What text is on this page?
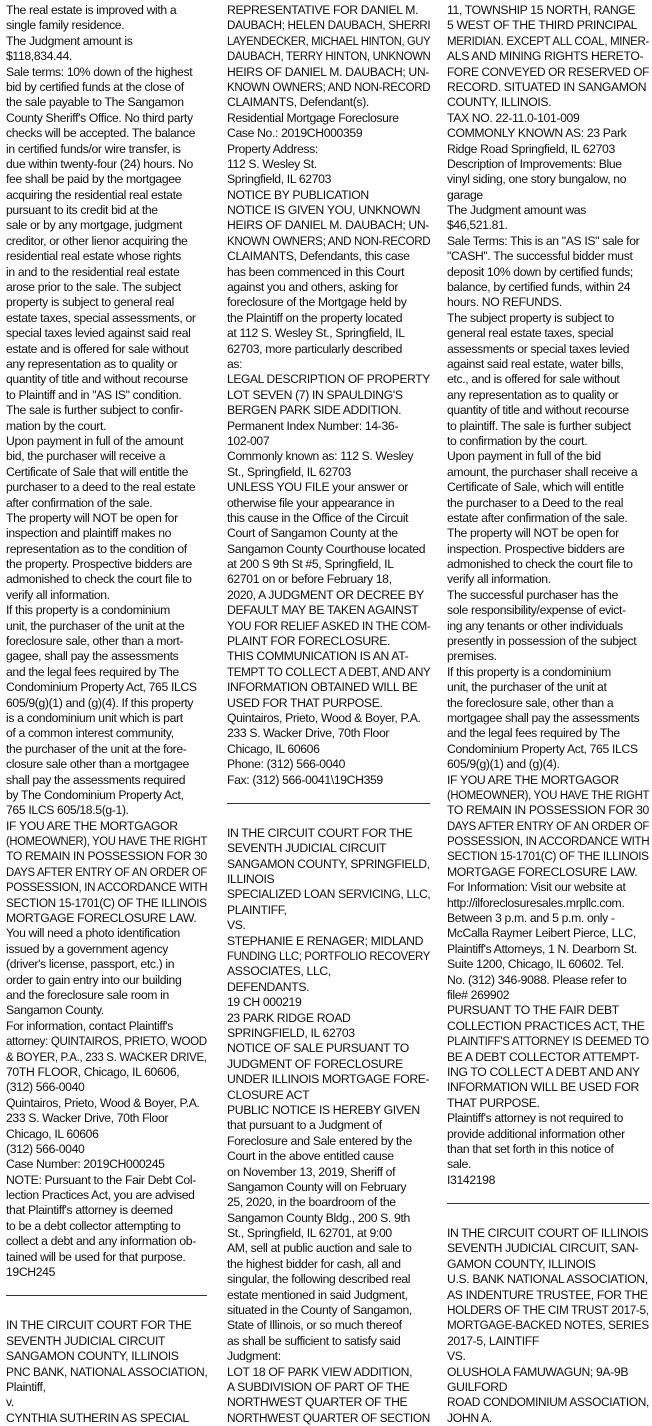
The real estate is improved with a
single family residence.
The Judgment amount is
$118,834.44.
Sale terms: 10% down of the highest
bid by certified funds at the close of
the sale payable to The Sangamon
County Sheriff's Office. No third party
checks will be accepted. The balance
in certified funds/or wire transfer, is
due within twenty-four (24) hours. No
fee shall be paid by the mortgagee
acquiring the residential real estate
pursuant to its credit bid at the
sale or by any mortgage, judgment
creditor, or other lienor acquiring the
residential real estate whose rights
in and to the residential real estate
arose prior to the sale. The subject
property is subject to general real
estate taxes, special assessments, or
special taxes levied against said real
estate and is offered for sale without
any representation as to quality or
quantity of title and without recourse
to Plaintiff and in "AS IS" condition.
The sale is further subject to confir-
mation by the court.
Upon payment in full of the amount
bid, the purchaser will receive a
Certificate of Sale that will entitle the
purchaser to a deed to the real estate
after confirmation of the sale.
The property will NOT be open for
inspection and plaintiff makes no
representation as to the condition of
the property. Prospective bidders are
admonished to check the court file to
verify all information.
If this property is a condominium
unit, the purchaser of the unit at the
foreclosure sale, other than a mort-
gagee, shall pay the assessments
and the legal fees required by The
Condominium Property Act, 765 ILCS
605/9(g)(1) and (g)(4). If this property
is a condominium unit which is part
of a common interest community,
the purchaser of the unit at the fore-
closure sale other than a mortgagee
shall pay the assessments required
by The Condominium Property Act,
765 ILCS 605/18.5(g-1).
IF YOU ARE THE MORTGAGOR
(HOMEOWNER), YOU HAVE THE RIGHT
TO REMAIN IN POSSESSION FOR 30
DAYS AFTER ENTRY OF AN ORDER OF
POSSESSION, IN ACCORDANCE WITH
SECTION 15-1701(C) OF THE ILLINOIS
MORTGAGE FORECLOSURE LAW.
You will need a photo identification
issued by a government agency
(driver's license, passport, etc.) in
order to gain entry into our building
and the foreclosure sale room in
Sangamon County.
For information, contact Plaintiff's
attorney: QUINTAIROS, PRIETO, WOOD
& BOYER, P.A., 233 S. WACKER DRIVE,
70TH FLOOR, Chicago, IL 60606,
(312) 566-0040
Quintairos, Prieto, Wood & Boyer, P.A.
233 S. Wacker Drive, 70th Floor
Chicago, IL 60606
(312) 566-0040
Case Number: 2019CH000245
NOTE: Pursuant to the Fair Debt Col-
lection Practices Act, you are advised
that Plaintiff's attorney is deemed
to be a debt collector attempting to
collect a debt and any information ob-
tained will be used for that purpose.
19CH245
IN THE CIRCUIT COURT FOR THE
SEVENTH JUDICIAL CIRCUIT
SANGAMON COUNTY, ILLINOIS
PNC BANK, NATIONAL ASSOCIATION,
Plaintiff,
v.
CYNTHIA SUTHERIN AS SPECIAL
REPRESENTATIVE FOR DANIEL M.
DAUBACH; HELEN DAUBACH, SHERRI
LAYENDECKER, MICHAEL HINTON, GUY
DAUBACH, TERRY HINTON, UNKNOWN
HEIRS OF DANIEL M. DAUBACH; UN-
KNOWN OWNERS; AND NON-RECORD
CLAIMANTS, Defendant(s).
Residential Mortgage Foreclosure
Case No.: 2019CH000359
Property Address:
112 S. Wesley St.
Springfield, IL 62703
NOTICE BY PUBLICATION
NOTICE IS GIVEN YOU, UNKNOWN
HEIRS OF DANIEL M. DAUBACH; UN-
KNOWN OWNERS; AND NON-RECORD
CLAIMANTS, Defendants, this case
has been commenced in this Court
against you and others, asking for
foreclosure of the Mortgage held by
the Plaintiff on the property located
at 112 S. Wesley St., Springfield, IL
62703, more particularly described
as:
LEGAL DESCRIPTION OF PROPERTY
LOT SEVEN (7) IN SPAULDING'S
BERGEN PARK SIDE ADDITION.
Permanent Index Number: 14-36-
102-007
Commonly known as: 112 S. Wesley
St., Springfield, IL 62703
UNLESS YOU FILE your answer or
otherwise file your appearance in
this cause in the Office of the Circuit
Court of Sangamon County at the
Sangamon County Courthouse located
at 200 S 9th St #5, Springfield, IL
62701 on or before February 18,
2020, A JUDGMENT OR DECREE BY
DEFAULT MAY BE TAKEN AGAINST
YOU FOR RELIEF ASKED IN THE COM-
PLAINT FOR FORECLOSURE.
THIS COMMUNICATION IS AN AT-
TEMPT TO COLLECT A DEBT, AND ANY
INFORMATION OBTAINED WILL BE
USED FOR THAT PURPOSE.
Quintairos, Prieto, Wood & Boyer, P.A.
233 S. Wacker Drive, 70th Floor
Chicago, IL 60606
Phone: (312) 566-0040
Fax: (312) 566-0041\19CH359
IN THE CIRCUIT COURT FOR THE
SEVENTH JUDICIAL CIRCUIT
SANGAMON COUNTY, SPRINGFIELD,
ILLINOIS
SPECIALIZED LOAN SERVICING, LLC,
PLAINTIFF,
VS.
STEPHANIE E RENAGER; MIDLAND
FUNDING LLC; PORTFOLIO RECOVERY
ASSOCIATES, LLC,
DEFENDANTS.
19 CH 000219
23 PARK RIDGE ROAD
SPRINGFIELD, IL 62703
NOTICE OF SALE PURSUANT TO
JUDGMENT OF FORECLOSURE
UNDER ILLINOIS MORTGAGE FORE-
CLOSURE ACT
PUBLIC NOTICE IS HEREBY GIVEN
that pursuant to a Judgment of
Foreclosure and Sale entered by the
Court in the above entitled cause
on November 13, 2019, Sheriff of
Sangamon County will on February
25, 2020, in the boardroom of the
Sangamon County Bldg., 200 S. 9th
St., Springfield, IL 62701, at 9:00
AM, sell at public auction and sale to
the highest bidder for cash, all and
singular, the following described real
estate mentioned in said Judgment,
situated in the County of Sangamon,
State of Illinois, or so much thereof
as shall be sufficient to satisfy said
Judgment:
LOT 18 OF PARK VIEW ADDITION,
A SUBDIVISION OF PART OF THE
NORTHWEST QUARTER OF THE
NORTHWEST QUARTER OF SECTION
11, TOWNSHIP 15 NORTH, RANGE
5 WEST OF THE THIRD PRINCIPAL
MERIDIAN. EXCEPT ALL COAL, MINER-
ALS AND MINING RIGHTS HERETO-
FORE CONVEYED OR RESERVED OF
RECORD. SITUATED IN SANGAMON
COUNTY, ILLINOIS.
TAX NO. 22-11.0-101-009
COMMONLY KNOWN AS: 23 Park
Ridge Road Springfield, IL 62703
Description of Improvements: Blue
vinyl siding, one story bungalow, no
garage
The Judgment amount was
$46,521.81.
Sale Terms: This is an "AS IS" sale for
"CASH". The successful bidder must
deposit 10% down by certified funds;
balance, by certified funds, within 24
hours. NO REFUNDS.
The subject property is subject to
general real estate taxes, special
assessments or special taxes levied
against said real estate, water bills,
etc., and is offered for sale without
any representation as to quality or
quantity of title and without recourse
to plaintiff. The sale is further subject
to confirmation by the court.
Upon payment in full of the bid
amount, the purchaser shall receive a
Certificate of Sale, which will entitle
the purchaser to a Deed to the real
estate after confirmation of the sale.
The property will NOT be open for
inspection. Prospective bidders are
admonished to check the court file to
verify all information.
The successful purchaser has the
sole responsibility/expense of evict-
ing any tenants or other individuals
presently in possession of the subject
premises.
If this property is a condominium
unit, the purchaser of the unit at
the foreclosure sale, other than a
mortgagee shall pay the assessments
and the legal fees required by The
Condominium Property Act, 765 ILCS
605/9(g)(1) and (g)(4).
IF YOU ARE THE MORTGAGOR
(HOMEOWNER), YOU HAVE THE RIGHT
TO REMAIN IN POSSESSION FOR 30
DAYS AFTER ENTRY OF AN ORDER OF
POSSESSION, IN ACCORDANCE WITH
SECTION 15-1701(C) OF THE ILLINOIS
MORTGAGE FORECLOSURE LAW.
For Information: Visit our website at
http://ilforeclosuresales.mrpllc.com.
Between 3 p.m. and 5 p.m. only -
McCalla Raymer Leibert Pierce, LLC,
Plaintiff's Attorneys, 1 N. Dearborn St.
Suite 1200, Chicago, IL 60602. Tel.
No. (312) 346-9088. Please refer to
file# 269902
PURSUANT TO THE FAIR DEBT
COLLECTION PRACTICES ACT, THE
PLAINTIFF'S ATTORNEY IS DEEMED TO
BE A DEBT COLLECTOR ATTEMPT-
ING TO COLLECT A DEBT AND ANY
INFORMATION WILL BE USED FOR
THAT PURPOSE.
Plaintiff's attorney is not required to
provide additional information other
than that set forth in this notice of
sale.
I3142198
IN THE CIRCUIT COURT OF ILLINOIS
SEVENTH JUDICIAL CIRCUIT, SAN-
GAMON COUNTY, ILLINOIS
U.S. BANK NATIONAL ASSOCIATION,
AS INDENTURE TRUSTEE, FOR THE
HOLDERS OF THE CIM TRUST 2017-5,
MORTGAGE-BACKED NOTES, SERIES
2017-5, LAINTIFF
VS.
OLUSHOLA FAMUWAGUN; 9A-9B
GUILFORD
ROAD CONDOMINIUM ASSOCIATION,
JOHN A.
